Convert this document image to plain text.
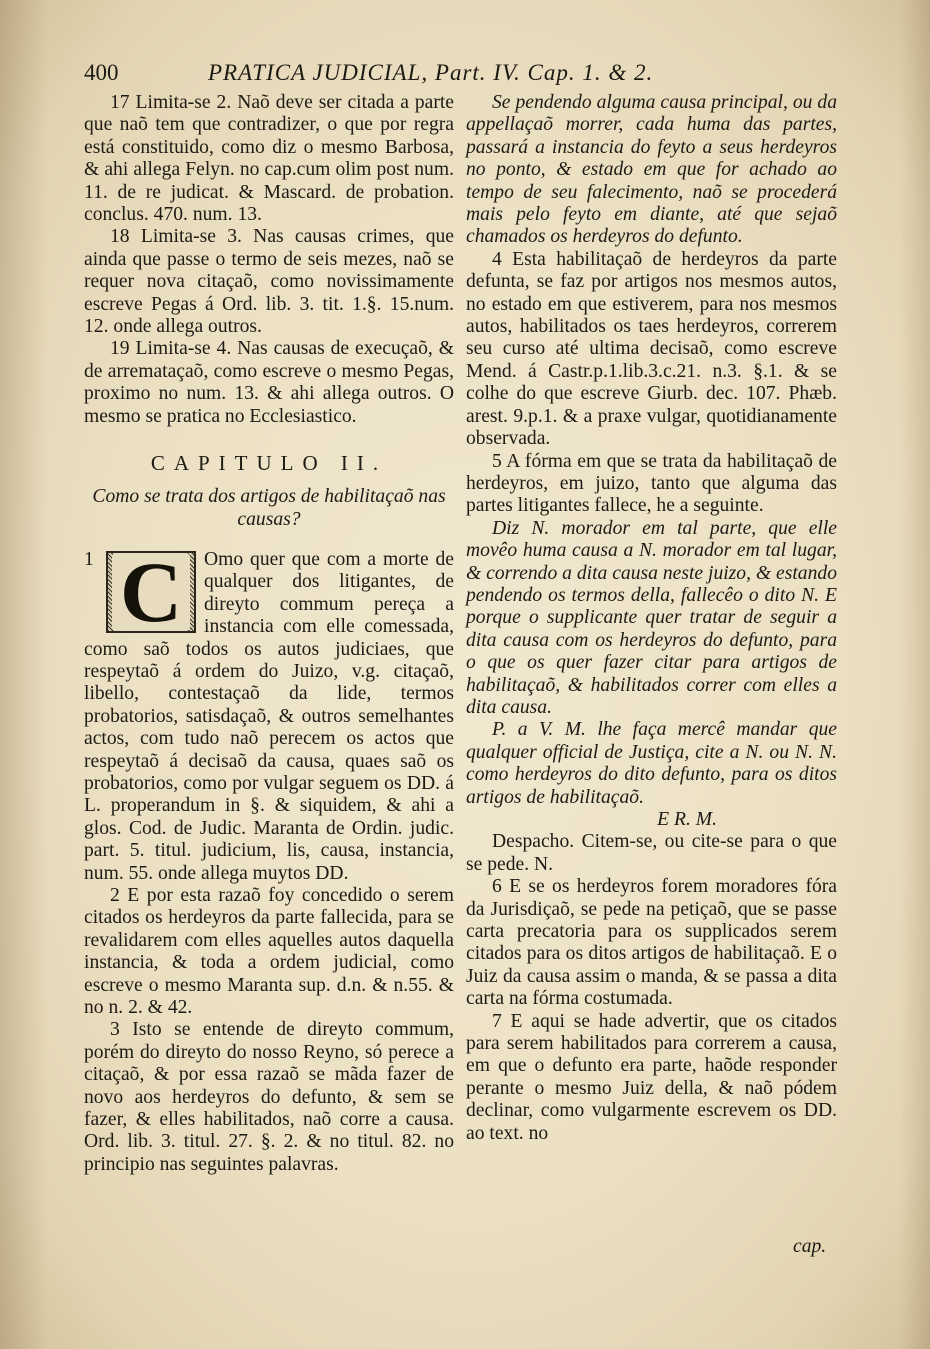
400	PRATICA JUDICIAL, Part. IV. Cap. 1. & 2.

17 Limita-se 2. Naõ deve ser citada a parte que naõ tem que contradizer, o que por regra está constituido, como diz o mesmo Barbosa, & ahi allega Felyn. no cap.cum olim post num. 11. de re judicat. & Mascard. de probation. conclus. 470. num. 13.

18 Limita-se 3. Nas causas crimes, que ainda que passe o termo de seis mezes, naõ se requer nova citaçaõ, como novissimamente escreve Pegas á Ord. lib. 3. tit. 1.§. 15.num. 12. onde allega outros.

19 Limita-se 4. Nas causas de execuçaõ, & de arremataçaõ, como escreve o mesmo Pegas, proximo no num. 13. & ahi allega outros. O mesmo se pratica no Ecclesiastico.

CAPITULO II.
Como se trata dos artigos de habilitaçaõ nas causas?
1 C	Omo quer que com a morte de qualquer dos litigantes, de direyto commum pereça a instancia com elle comessada, como saõ todos os autos judiciaes, que respeytaõ á ordem do Juizo, v.g. citaçaõ, libello, contestaçaõ da lide, termos probatorios, satisdaçaõ, & outros semelhantes actos, com tudo naõ perecem os actos que respeytaõ á decisaõ da causa, quaes saõ os probatorios, como por vulgar seguem os DD. á L. properandum in §. & siquidem, & ahi a glos. Cod. de Judic. Maranta de Ordin. judic. part. 5. titul. judicium, lis, causa, instancia, num. 55. onde allega muytos DD.

2 E por esta razaõ foy concedido o serem citados os herdeyros da parte fallecida, para se revalidarem com elles aquelles autos daquella instancia, & toda a ordem judicial, como escreve o mesmo Maranta sup. d.n. & n.55. & no n. 2. & 42.

3 Isto se entende de direyto commum, porém do direyto do nosso Reyno, só perece a citaçaõ, & por essa razaõ se mãda fazer de novo aos herdeyros do defunto, & sem se fazer, & elles habilitados, naõ corre a causa. Ord. lib. 3. titul. 27. §. 2. & no titul. 82. no principio nas seguintes palavras.

Se pendendo alguma causa principal, ou da appellaçaõ morrer, cada huma das partes, passará a instancia do feyto a seus herdeyros no ponto, & estado em que for achado ao tempo de seu falecimento, naõ se procederá mais pelo feyto em diante, até que sejaõ chamados os herdeyros do defunto.

4 Esta habilitaçaõ de herdeyros da parte defunta, se faz por artigos nos mesmos autos, no estado em que estiverem, para nos mesmos autos, habilitados os taes herdeyros, correrem seu curso até ultima decisaõ, como escreve Mend. á Castr.p.1.lib.3.c.21. n.3. §.1. & se colhe do que escreve Giurb. dec. 107. Phæb. arest. 9.p.1. & a praxe vulgar, quotidianamente observada.

5 A fórma em que se trata da habilitaçaõ de herdeyros, em juizo, tanto que alguma das partes litigantes fallece, he a seguinte.

Diz N. morador em tal parte, que elle movêo huma causa a N. morador em tal lugar, & correndo a dita causa neste juizo, & estando pendendo os termos della, fallecêo o dito N. E porque o supplicante quer tratar de seguir a dita causa com os herdeyros do defunto, para o que os quer fazer citar para artigos de habilitaçaõ, & habilitados correr com elles a dita causa.

P. a V. M. lhe faça mercê mandar que qualquer official de Justiça, cite a N. ou N. N. como herdeyros do dito defunto, para os ditos artigos de habilitaçaõ.

E R. M.

Despacho. Citem-se, ou cite-se para o que se pede. N.

6 E se os herdeyros forem moradores fóra da Jurisdiçaõ, se pede na petiçaõ, que se passe carta precatoria para os supplicados serem citados para os ditos artigos de habilitaçaõ. E o Juiz da causa assim o manda, & se passa a dita carta na fórma costumada.

7 E aqui se hade advertir, que os citados para serem habilitados para correrem a causa, em que o defunto era parte, haõde responder perante o mesmo Juiz della, & naõ pódem declinar, como vulgarmente escrevem os DD. ao text. no

cap.
